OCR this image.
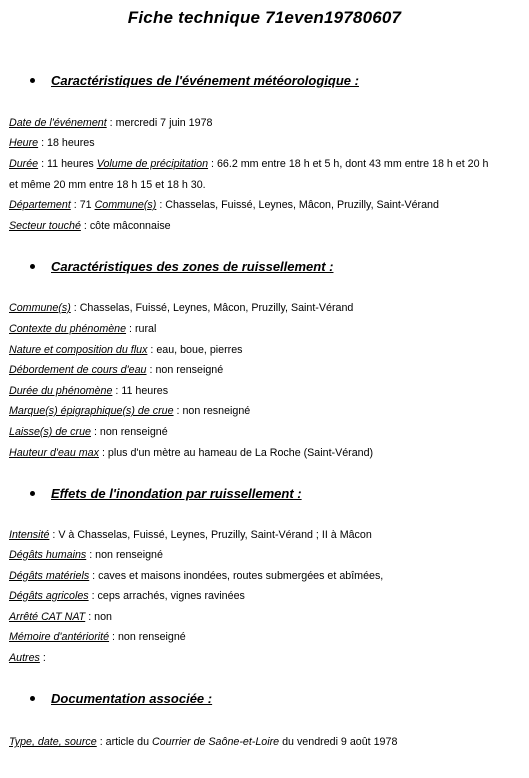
Fiche technique 71even19780607
Caractéristiques de l'événement météorologique :
Date de l'événement : mercredi 7 juin 1978
Heure : 18 heures
Durée : 11 heures Volume de précipitation : 66.2 mm entre 18 h et 5 h, dont 43 mm entre 18 h et 20 h
et même 20 mm entre 18 h 15 et 18 h 30.
Département : 71 Commune(s) : Chasselas, Fuissé, Leynes, Mâcon, Pruzilly, Saint-Vérand
Secteur touché : côte mâconnaise
Caractéristiques des zones de ruissellement :
Commune(s) : Chasselas, Fuissé, Leynes, Mâcon, Pruzilly, Saint-Vérand
Contexte du phénomène : rural
Nature et composition du flux : eau, boue, pierres
Débordement de cours d'eau : non renseigné
Durée du phénomène : 11 heures
Marque(s) épigraphique(s) de crue : non resneigné
Laisse(s) de crue : non renseigné
Hauteur d'eau max : plus d'un mètre au hameau de La Roche (Saint-Vérand)
Effets de l'inondation par ruissellement :
Intensité : V à Chasselas, Fuissé, Leynes, Pruzilly, Saint-Vérand ; II à Mâcon
Dégâts humains : non renseigné
Dégâts matériels : caves et maisons inondées, routes submergées et abîmées,
Dégâts agricoles : ceps arrachés, vignes ravinées
Arrêté CAT NAT : non
Mémoire d'antériorité : non renseigné
Autres :
Documentation associée :
Type, date, source : article du Courrier de Saône-et-Loire du vendredi 9 août 1978
